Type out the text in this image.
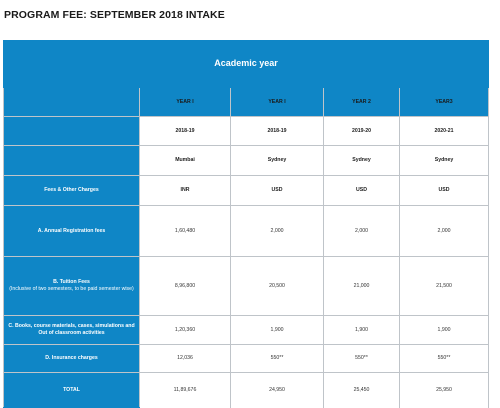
PROGRAM FEE: SEPTEMBER 2018 INTAKE
Academic year				
	YEAR I	YEAR I	YEAR 2	YEAR3
	2018-19	2018-19	2019-20	2020-21
	Mumbai	Sydney	Sydney	Sydney
Fees & Other Charges	INR	USD	USD	USD
A. Annual Registration fees	1,60,480	2,000	2,000	2,000
B. Tuition Fees
(Inclusive of two semesters, to be paid semester wise)	8,96,800	20,500	21,000	21,500
C. Books, course materials, cases, simulations and Out of classroom activities	1,20,360	1,900	1,900	1,900
D. Insurance charges	12,036	550**	550**	550**
TOTAL	11,89,676	24,950	25,450	25,950
